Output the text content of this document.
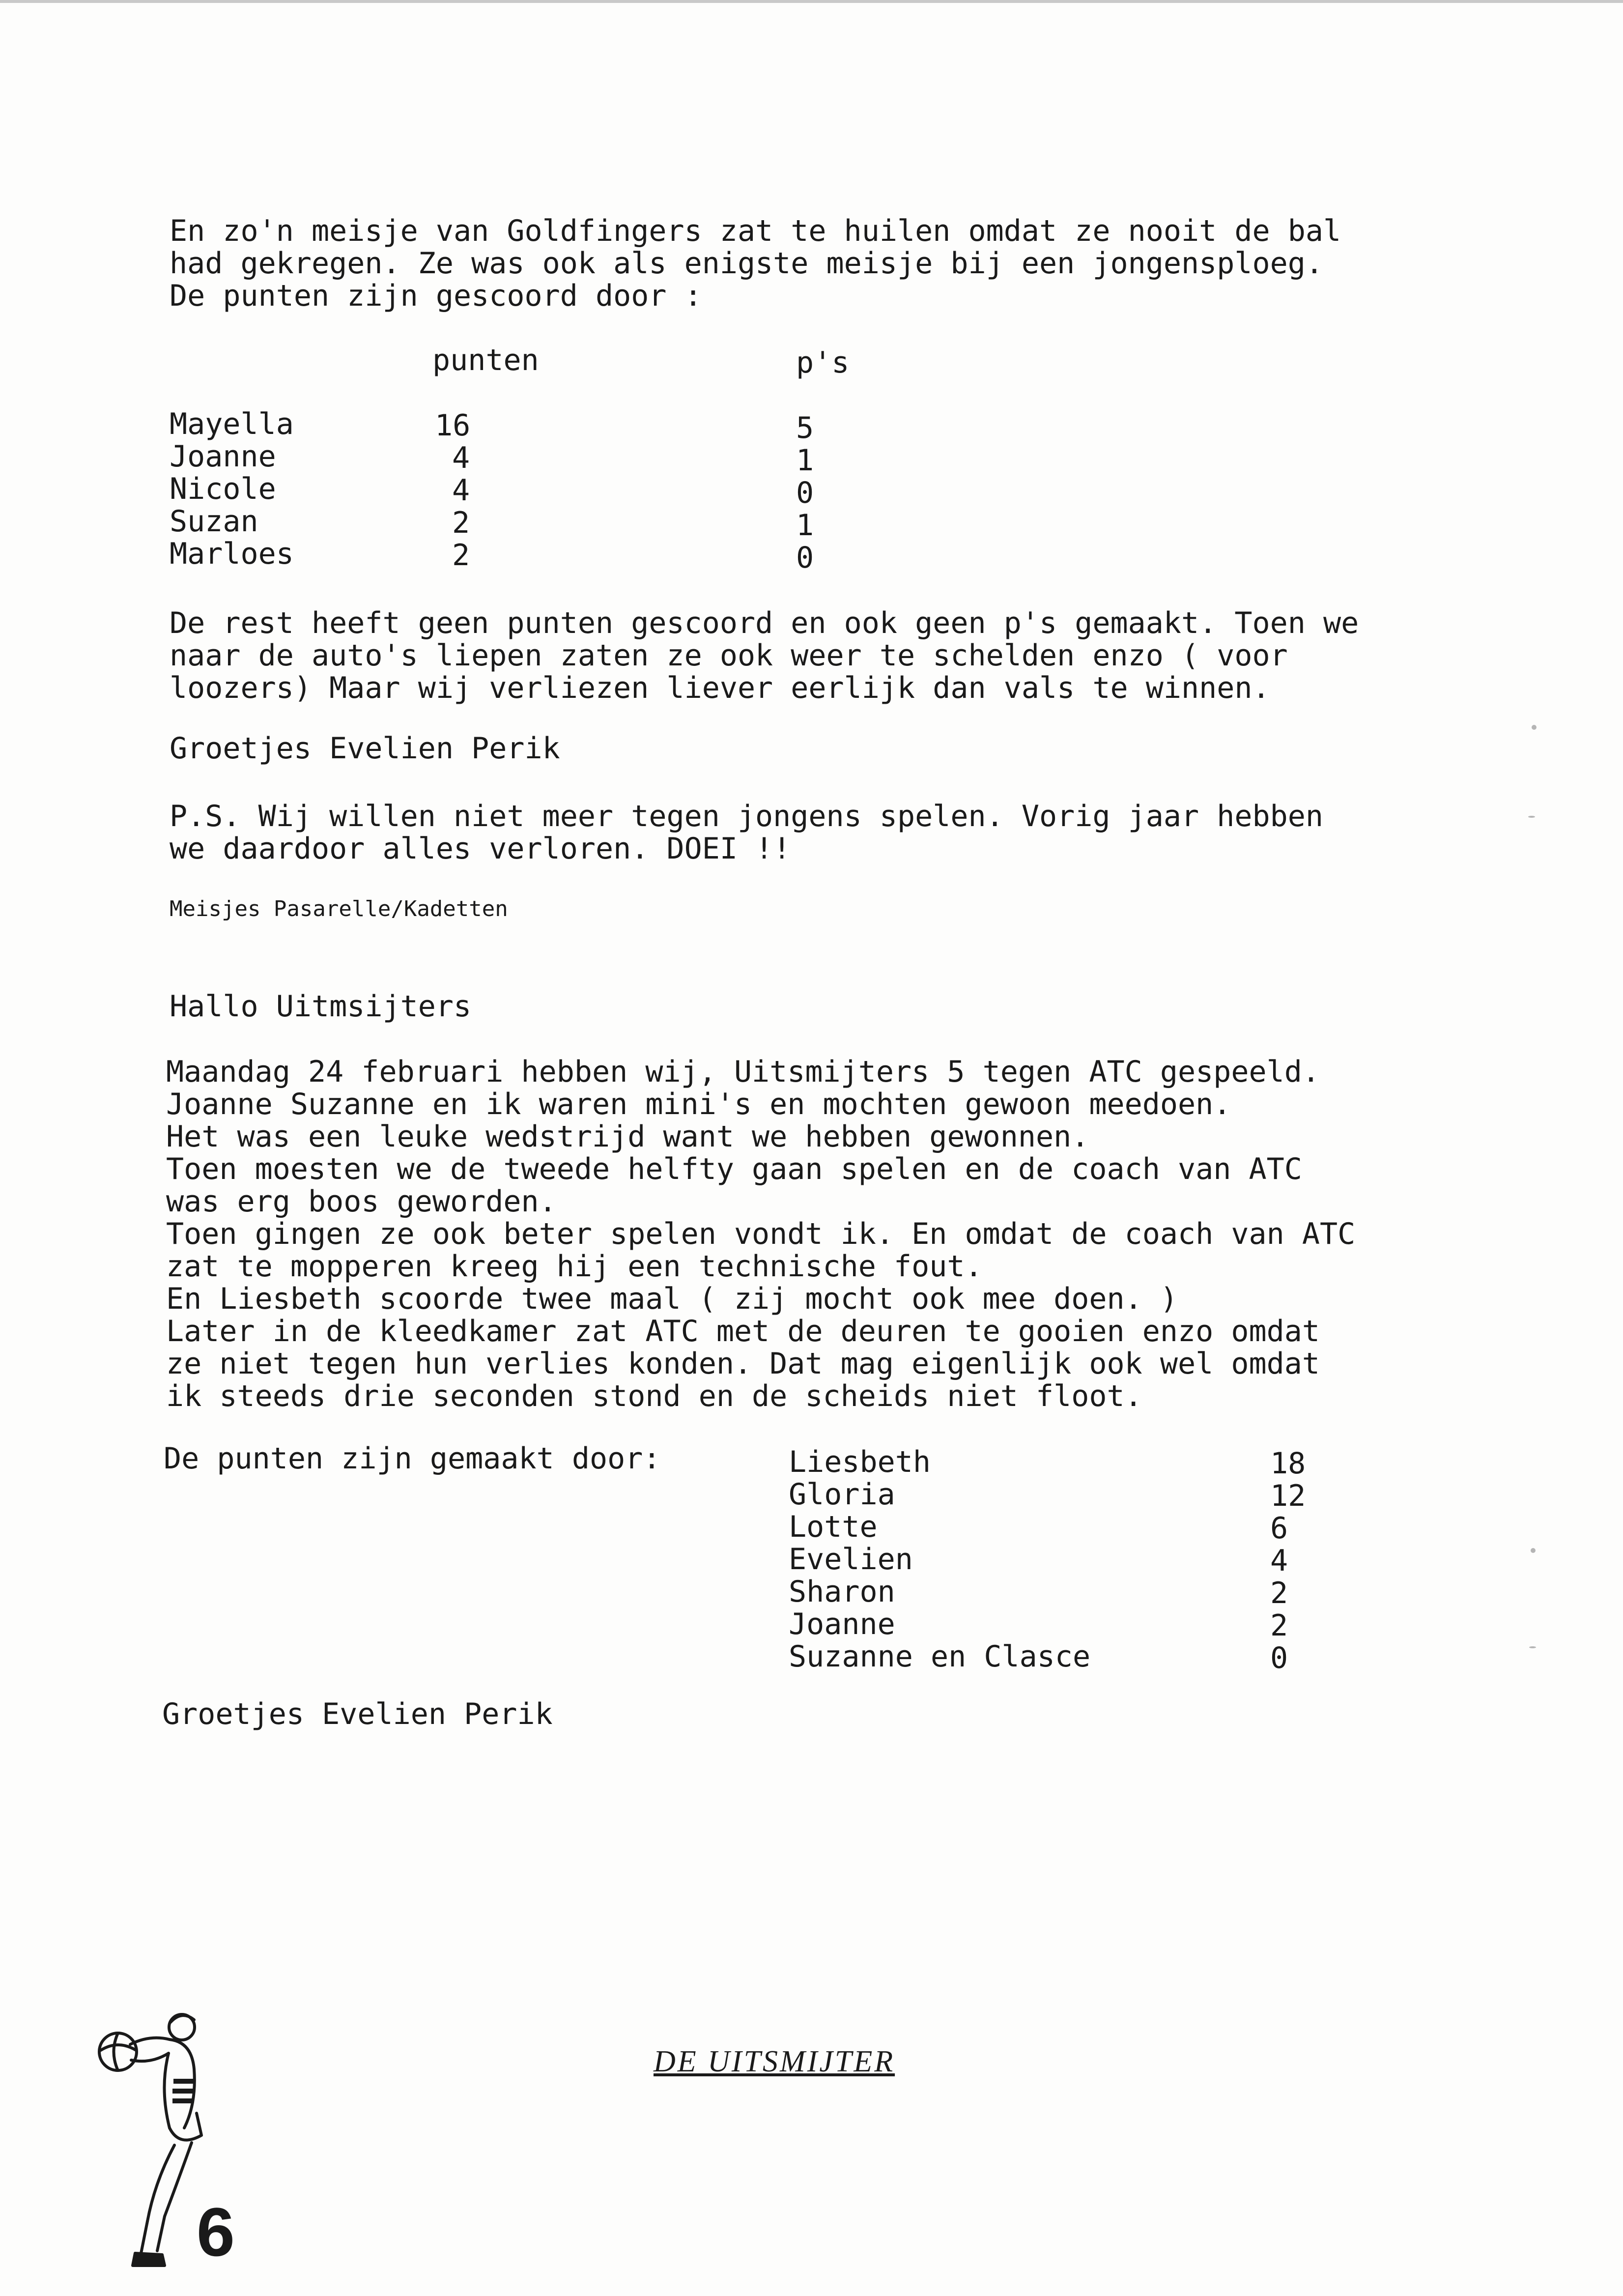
En zo'n meisje van Goldfingers zat te huilen omdat ze nooit de bal

had gekregen. Ze was ook als enigste meisje bij een jongensploeg.

De punten zijn gescoord door :

punten	p's

Mayella	16	5

Joanne	4	1

Nicole	4	0

Suzan	2	1

Marloes	2	0

De rest heeft geen punten gescoord en ook geen p's gemaakt. Toen we

naar de auto's liepen zaten ze ook weer te schelden enzo ( voor

loozers) Maar wij verliezen liever eerlijk dan vals te winnen.

Groetjes Evelien Perik

P.S. Wij willen niet meer tegen jongens spelen. Vorig jaar hebben

we daardoor alles verloren. DOEI !!

Meisjes Pasarelle/Kadetten

Hallo Uitmsijters

Maandag 24 februari hebben wij, Uitsmijters 5 tegen ATC gespeeld.

Joanne Suzanne en ik waren mini's en mochten gewoon meedoen.

Het was een leuke wedstrijd want we hebben gewonnen.

Toen moesten we de tweede helfty gaan spelen en de coach van ATC

was erg boos geworden.

Toen gingen ze ook beter spelen vondt ik. En omdat de coach van ATC

zat te mopperen kreeg hij een technische fout.

En Liesbeth scoorde twee maal ( zij mocht ook mee doen. )

Later in de kleedkamer zat ATC met de deuren te gooien enzo omdat

ze niet tegen hun verlies konden. Dat mag eigenlijk ook wel omdat

ik steeds drie seconden stond en de scheids niet floot.

De punten zijn gemaakt door:	Liesbeth	18

Gloria	12

Lotte	6

Evelien	4

Sharon	2

Joanne	2

Suzanne en Clasce	0

Groetjes Evelien Perik

6
DE UITSMIJTER
